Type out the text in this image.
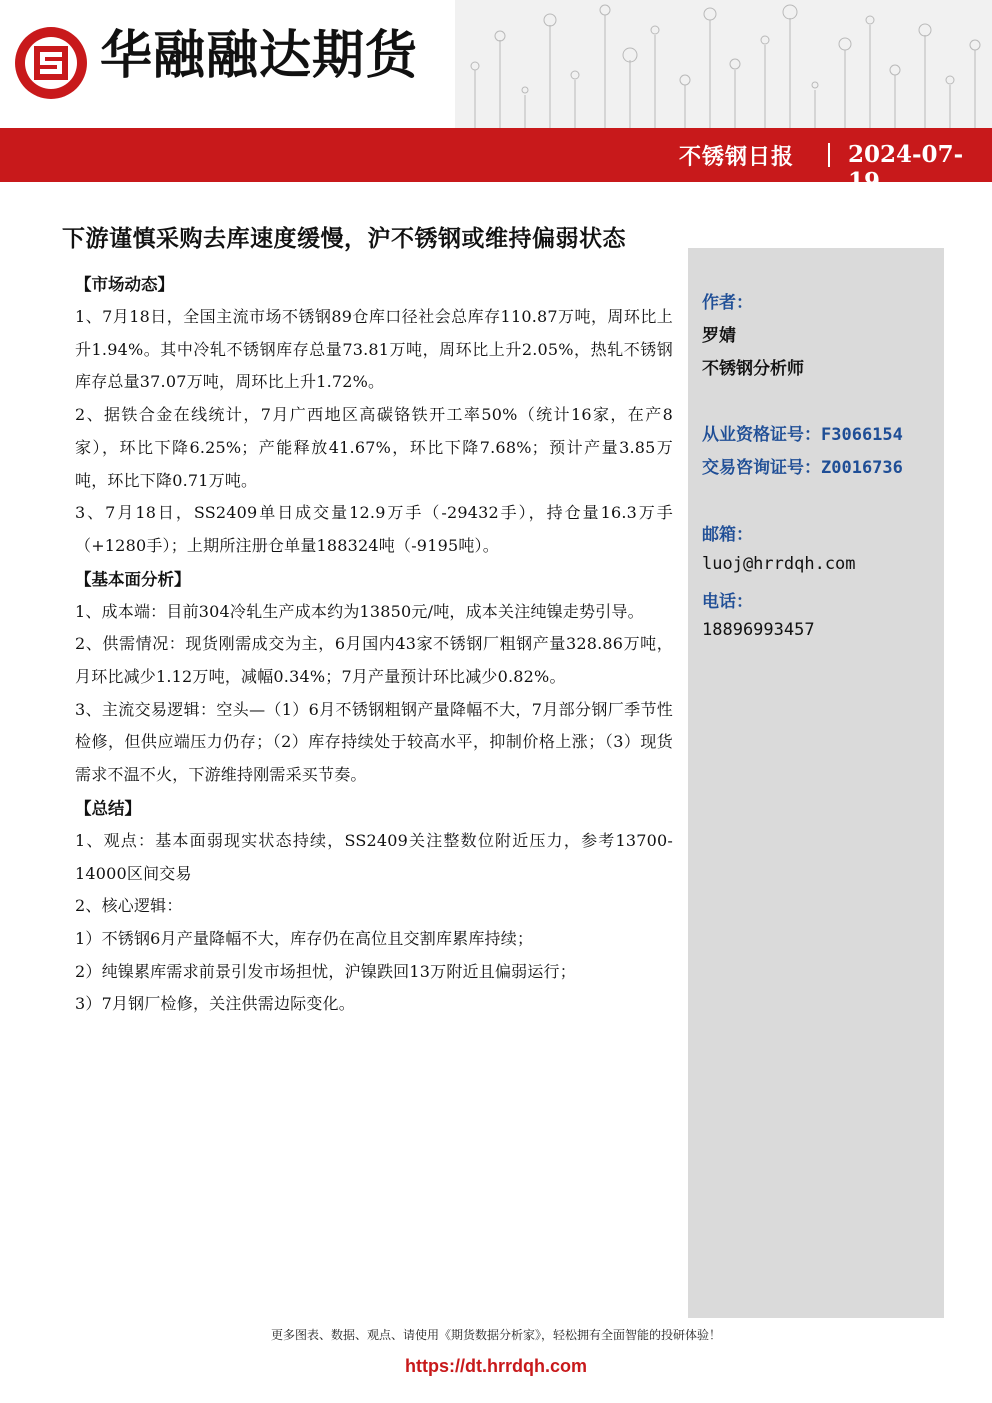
华融融达期货
不锈钢日报 2024-07-19
下游谨慎采购去库速度缓慢，沪不锈钢或维持偏弱状态
【市场动态】

1、7月18日，全国主流市场不锈钢89仓库口径社会总库存110.87万吨，周环比上升1.94%。其中冷轧不锈钢库存总量73.81万吨，周环比上升2.05%，热轧不锈钢库存总量37.07万吨，周环比上升1.72%。

2、据铁合金在线统计，7月广西地区高碳铬铁开工率50%（统计16家，在产8家），环比下降6.25%；产能释放41.67%，环比下降7.68%；预计产量3.85万吨，环比下降0.71万吨。

3、7月18日，SS2409单日成交量12.9万手（-29432手），持仓量16.3万手（+1280手）；上期所注册仓单量188324吨（-9195吨）。

【基本面分析】

1、成本端：目前304冷轧生产成本约为13850元/吨，成本关注纯镍走势引导。

2、供需情况：现货刚需成交为主，6月国内43家不锈钢厂粗钢产量328.86万吨，月环比减少1.12万吨，减幅0.34%；7月产量预计环比减少0.82%。

3、主流交易逻辑：空头—（1）6月不锈钢粗钢产量降幅不大，7月部分钢厂季节性检修，但供应端压力仍存；（2）库存持续处于较高水平，抑制价格上涨；（3）现货需求不温不火，下游维持刚需采买节奏。

【总结】

1、观点：基本面弱现实状态持续，SS2409关注整数位附近压力，参考13700-14000区间交易

2、核心逻辑：

1）不锈钢6月产量降幅不大，库存仍在高位且交割库累库持续；

2）纯镍累库需求前景引发市场担忧，沪镍跌回13万附近且偏弱运行；

3）7月钢厂检修，关注供需边际变化。

作者：
罗婧
不锈钢分析师
从业资格证号：F3066154
交易咨询证号：Z0016736
邮箱：
luoj@hrrdqh.com
电话：
18896993457
更多图表、数据、观点、请使用《期货数据分析家》，轻松拥有全面智能的投研体验！
https://dt.hrrdqh.com
